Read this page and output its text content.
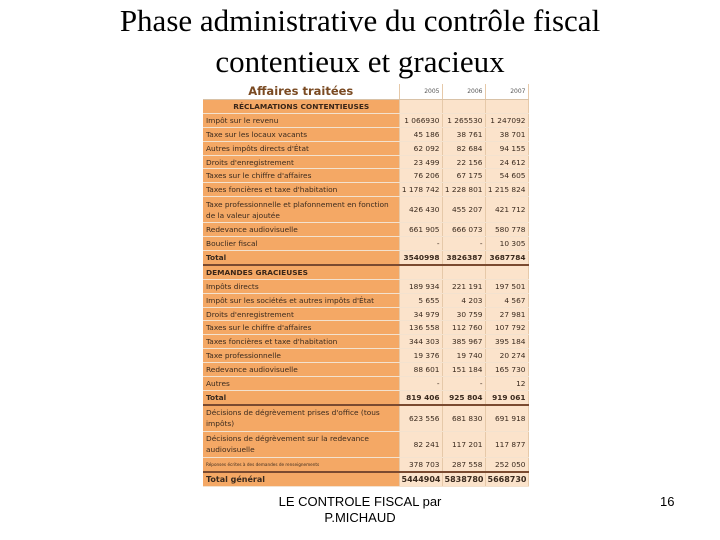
Phase administrative du contrôle fiscal
contentieux et gracieux
Affaires traitées	2005	2006	2007
RÉCLAMATIONS CONTENTIEUSES			
Impôt sur le revenu	1 066930	1 265530	1 247092
Taxe sur les locaux vacants	45 186	38 761	38 701
Autres impôts directs d'État	62 092	82 684	94 155
Droits d'enregistrement	23 499	22 156	24 612
Taxes sur le chiffre d'affaires	76 206	67 175	54 605
Taxes foncières et taxe d'habitation	1 178 742	1 228 801	1 215 824
Taxe professionnelle et plafonnement en fonction de la valeur ajoutée	426 430	455 207	421 712
Redevance audiovisuelle	661 905	666 073	580 778
Bouclier fiscal	-	-	10 305
Total	3540998	3826387	3687784
DEMANDES GRACIEUSES			
Impôts directs	189 934	221 191	197 501
Impôt sur les sociétés et autres impôts d'État	5 655	4 203	4 567
Droits d'enregistrement	34 979	30 759	27 981
Taxes sur le chiffre d'affaires	136 558	112 760	107 792
Taxes foncières et taxe d'habitation	344 303	385 967	395 184
Taxe professionnelle	19 376	19 740	20 274
Redevance audiovisuelle	88 601	151 184	165 730
Autres	-	-	12
Total	819 406	925 804	919 061
Décisions de dégrèvement prises d'office (tous impôts)	623 556	681 830	691 918
Décisions de dégrèvement sur la redevance audiovisuelle	82 241	117 201	117 877
Réponses écrites à des demandes de renseignements	378 703	287 558	252 050
Total général	5444904	5838780	5668730
LE CONTROLE FISCAL par
P.MICHAUD
16
